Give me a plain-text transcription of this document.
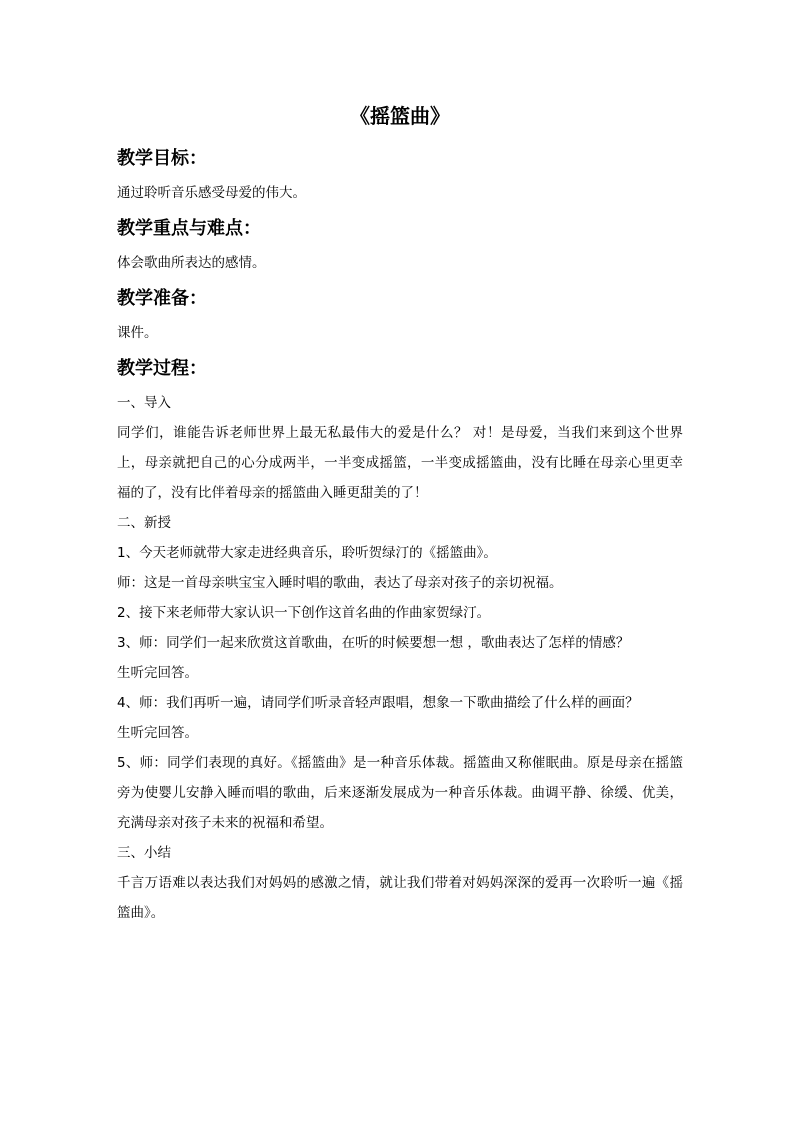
《摇篮曲》
教学目标：
通过聆听音乐感受母爱的伟大。
教学重点与难点：
体会歌曲所表达的感情。
教学准备：
课件。
教学过程：
一、导入
同学们，谁能告诉老师世界上最无私最伟大的爱是什么？ 对！是母爱，当我们来到这个世界上，母亲就把自己的心分成两半，一半变成摇篮，一半变成摇篮曲，没有比睡在母亲心里更幸福的了，没有比伴着母亲的摇篮曲入睡更甜美的了！
二、新授
1、今天老师就带大家走进经典音乐，聆听贺绿汀的《摇篮曲》。
师：这是一首母亲哄宝宝入睡时唱的歌曲，表达了母亲对孩子的亲切祝福。
2、接下来老师带大家认识一下创作这首名曲的作曲家贺绿汀。
3、师：同学们一起来欣赏这首歌曲，在听的时候要想一想 ，歌曲表达了怎样的情感？
生听完回答。
4、师：我们再听一遍，请同学们听录音轻声跟唱，想象一下歌曲描绘了什么样的画面？
生听完回答。
5、师：同学们表现的真好。《摇篮曲》是一种音乐体裁。摇篮曲又称催眠曲。原是母亲在摇篮旁为使婴儿安静入睡而唱的歌曲，后来逐渐发展成为一种音乐体裁。曲调平静、徐缓、优美，充满母亲对孩子未来的祝福和希望。
三、小结
千言万语难以表达我们对妈妈的感激之情，就让我们带着对妈妈深深的爱再一次聆听一遍《摇篮曲》。
